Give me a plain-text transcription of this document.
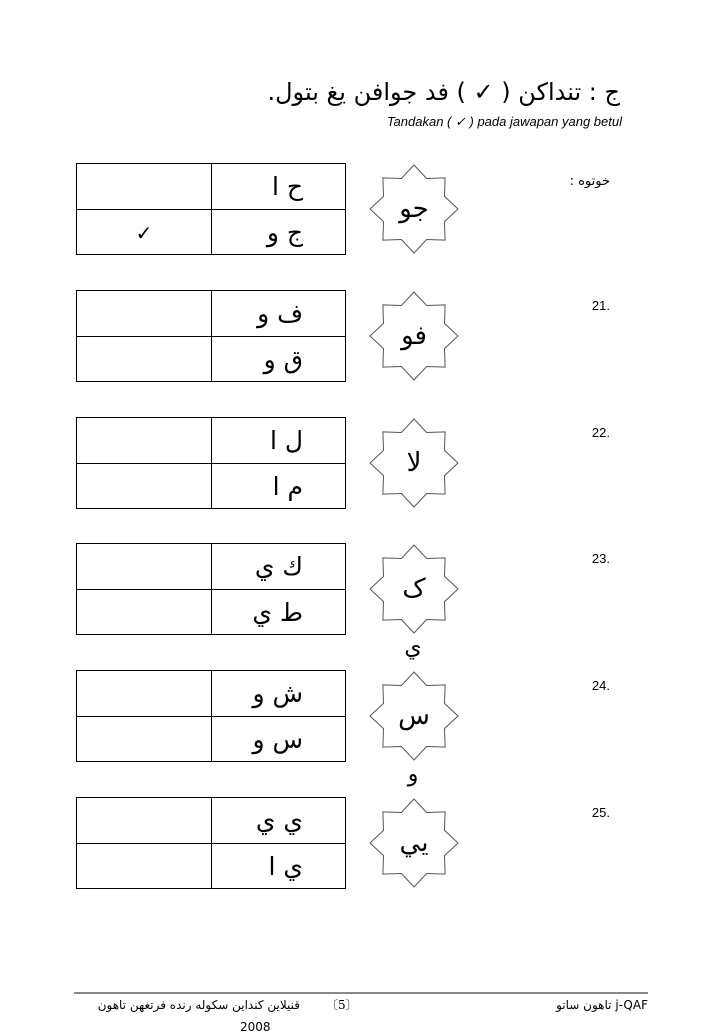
ج : تنداكن ( ✓ ) فد جوافن يغ بتول.
Tandakan ( ✓ ) pada jawapan yang betul
خوتوه :
ح ا
ج و
✓
جو
21.
ف و
ق و
فو
22.
ل ا
م ا
لا
23.
ك ي
ط ي
ک
ي
24.
ش و
س و
س
و
25.
ي ي
ي ا
يي
قنيلاين كنداين سكوله رنده فرتغهن تاهون
2008
〔5〕	تاهون ساتو j-QAF
